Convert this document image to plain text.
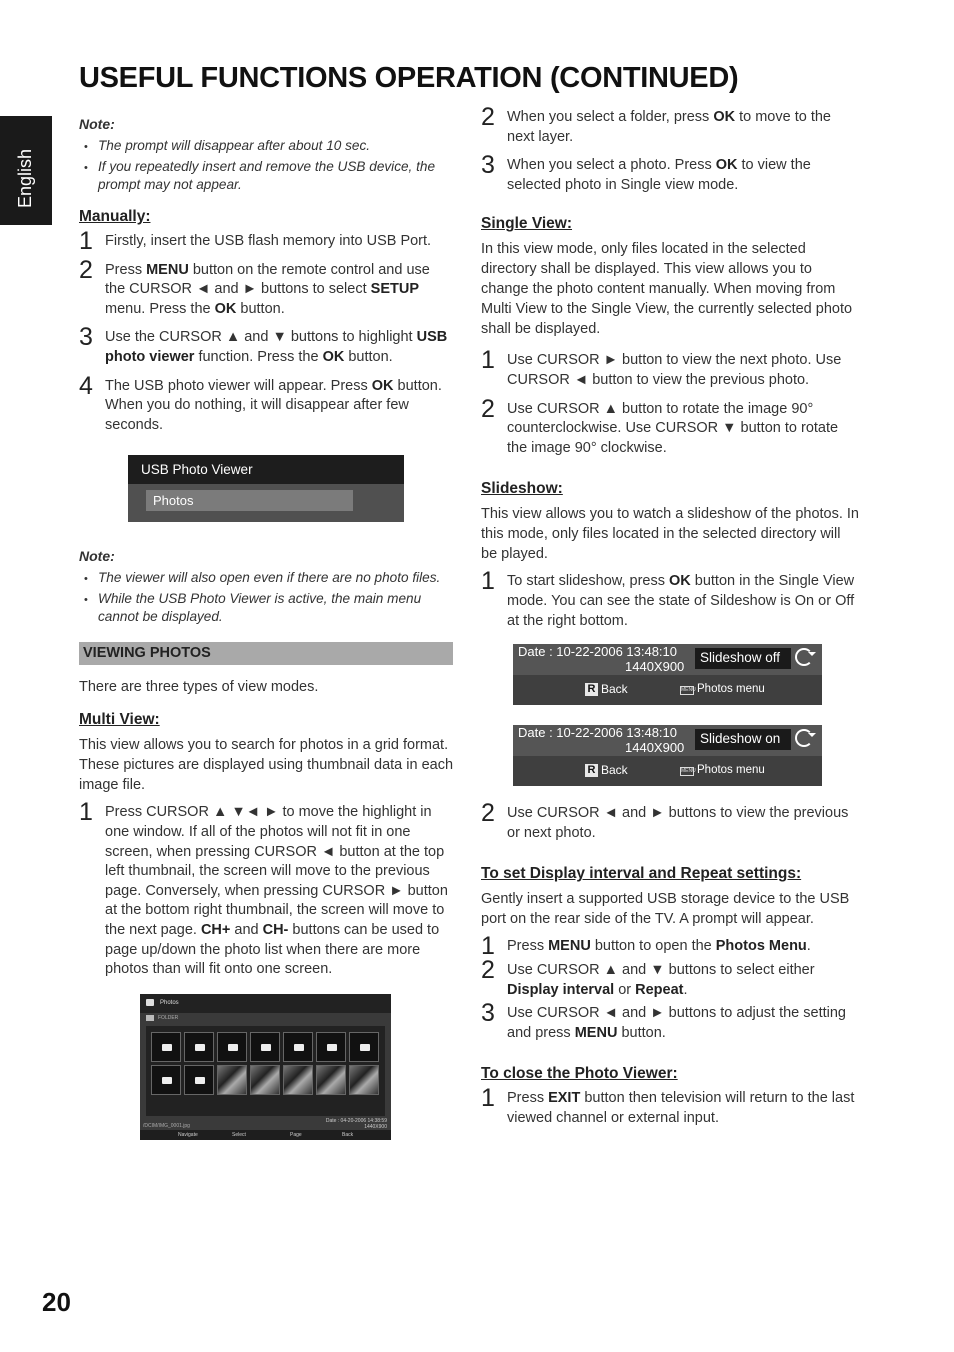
USEFUL FUNCTIONS OPERATION (CONTINUED)
English
20
Note:
• The prompt will disappear after about 10 sec.
• If you repeatedly insert and remove the USB device, the prompt may not appear.
Manually:
1 Firstly, insert the USB flash memory into USB Port.
2 Press MENU button on the remote control and use the CURSOR ◄ and ► buttons to select SETUP menu. Press the OK button.
3 Use the CURSOR ▲ and ▼ buttons to highlight USB photo viewer function. Press the OK button.
4 The USB photo viewer will appear. Press OK button. When you do nothing, it will disappear after few seconds.
USB Photo Viewer
Photos
Note:
• The viewer will also open even if there are no photo files.
• While the USB Photo Viewer is active, the main menu cannot be displayed.
VIEWING PHOTOS
There are three types of view modes.
Multi View:
This view allows you to search for photos in a grid format. These pictures are displayed using thumbnail data in each image file.
1 Press CURSOR ▲ ▼◄ ► to move the highlight in one window. If all of the photos will not fit in one screen, when pressing CURSOR ◄ button at the top left thumbnail, the screen will move to the previous page. Conversely, when pressing CURSOR ► button at the bottom right thumbnail, the screen will move to the next page. CH+ and CH- buttons can be used to page up/down the photo list when there are more photos than will fit onto one screen.
Photos
FOLDER
Date : 04-20-2006 14:38:59
1440X900
/DCIM/IMG_0001.jpg
Navigate	Select	Page	Back
2 When you select a folder, press OK to move to the next layer.
3 When you select a photo. Press OK to view the selected photo in Single view mode.
Single View:
In this view mode, only files located in the selected directory shall be displayed. This view allows you to change the photo content manually. When moving from Multi View to the Single View, the currently selected photo shall be displayed.
1 Use CURSOR ► button to view the next photo. Use CURSOR ◄ button to view the previous photo.
2 Use CURSOR ▲ button to rotate the image 90° counterclockwise. Use CURSOR ▼ button to rotate the image 90° clockwise.
Slideshow:
This view allows you to watch a slideshow of the photos. In this mode, only files located in the selected directory will be played.
1 To start slideshow, press OK button in the Single View mode. You can see the state of Sildeshow is On or Off at the right bottom.
Date : 10-22-2006 13:48:10
1440X900
Slideshow off
R Back	MENU Photos menu
Date : 10-22-2006 13:48:10
1440X900
Slideshow on
R Back	MENU Photos menu
2 Use CURSOR ◄ and ► buttons to view the previous or next photo.
To set Display interval and Repeat settings:
Gently insert a supported USB storage device to the USB port on the rear side of the TV. A prompt will appear.
1 Press MENU button to open the Photos Menu.
2 Use CURSOR ▲ and ▼ buttons to select either Display interval or Repeat.
3 Use CURSOR ◄ and ► buttons to adjust the setting and press MENU button.
To close the Photo Viewer:
1 Press EXIT button then television will return to the last viewed channel or external input.
